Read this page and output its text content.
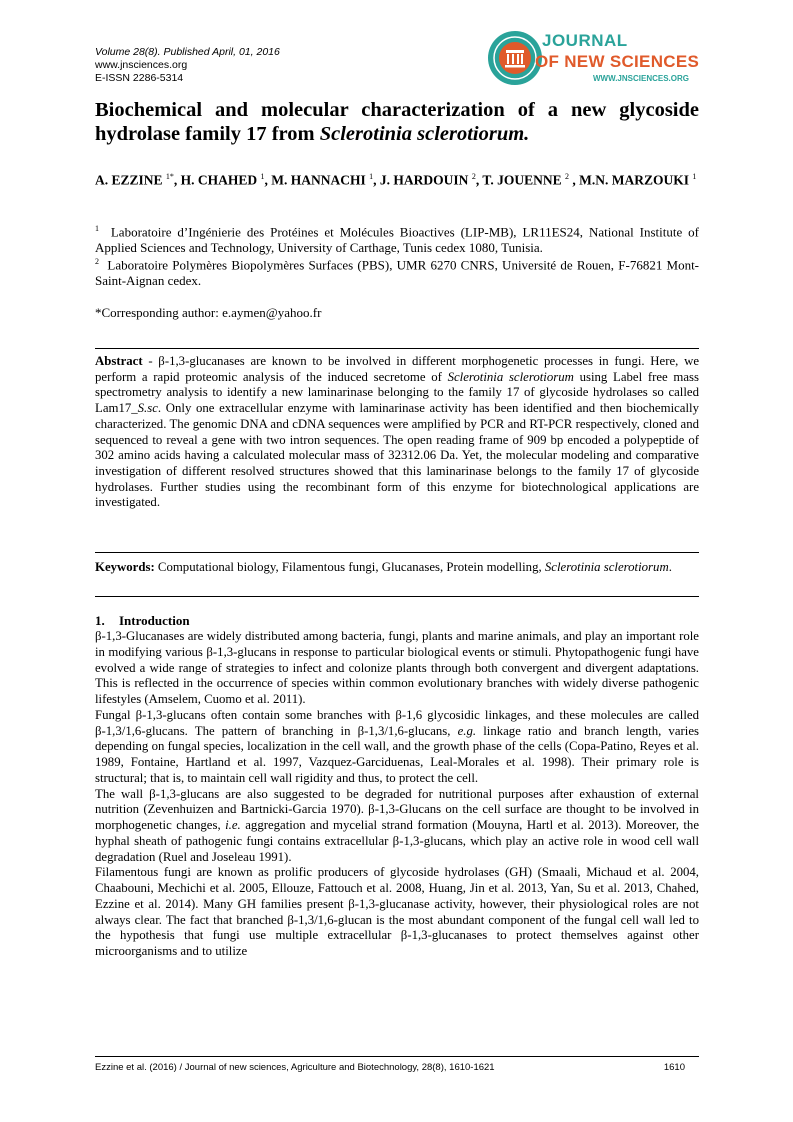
Volume 28(8). Published April, 01, 2016
www.jnsciences.org
E-ISSN 2286-5314
JOURNAL
OF NEW SCIENCES
WWW.JNSCIENCES.ORG
Biochemical and molecular characterization of a new glycoside hydrolase family 17 from Sclerotinia sclerotiorum.
A. EZZINE $^{1*}$, H. CHAHED $^1$, M. HANNACHI $^1$, J. HARDOUIN $^2$, T. JOUENNE $^2$ , M.N. MARZOUKI $^1$
$^1$ Laboratoire d’Ingénierie des Protéines et Molécules Bioactives (LIP-MB), LR11ES24, National Institute of Applied Sciences and Technology, University of Carthage, Tunis cedex 1080, Tunisia.
$^2$ Laboratoire Polymères Biopolymères Surfaces (PBS), UMR 6270 CNRS, Université de Rouen, F-76821 Mont-Saint-Aignan cedex.
*Corresponding author: e.aymen@yahoo.fr
Abstract - β-1,3-glucanases are known to be involved in different morphogenetic processes in fungi. Here, we perform a rapid proteomic analysis of the induced secretome of Sclerotinia sclerotiorum using Label free mass spectrometry analysis to identify a new laminarinase belonging to the family 17 of glycoside hydrolases so called Lam17_S.sc. Only one extracellular enzyme with laminarinase activity has been identified and then biochemically characterized. The genomic DNA and cDNA sequences were amplified by PCR and RT-PCR respectively, cloned and sequenced to reveal a gene with two intron sequences. The open reading frame of 909 bp encoded a polypeptide of 302 amino acids having a calculated molecular mass of 32312.06 Da. Yet, the molecular modeling and comparative investigation of different resolved structures showed that this laminarinase belongs to the family 17 of glycoside hydrolases. Further studies using the recombinant form of this enzyme for biotechnological applications are investigated.
Keywords: Computational biology, Filamentous fungi, Glucanases, Protein modelling, Sclerotinia sclerotiorum.
1. Introduction

β-1,3-Glucanases are widely distributed among bacteria, fungi, plants and marine animals, and play an important role in modifying various β-1,3-glucans in response to particular biological events or stimuli. Phytopathogenic fungi have evolved a wide range of strategies to infect and colonize plants through both convergent and divergent adaptations. This is reflected in the occurrence of species within common evolutionary branches with widely diverse pathogenic lifestyles (Amselem, Cuomo et al. 2011).

Fungal β-1,3-glucans often contain some branches with β-1,6 glycosidic linkages, and these molecules are called β-1,3/1,6-glucans. The pattern of branching in β-1,3/1,6-glucans, e.g. linkage ratio and branch length, varies depending on fungal species, localization in the cell wall, and the growth phase of the cells (Copa-Patino, Reyes et al. 1989, Fontaine, Hartland et al. 1997, Vazquez-Garciduenas, Leal-Morales et al. 1998). Their primary role is structural; that is, to maintain cell wall rigidity and thus, to protect the cell.

The wall β-1,3-glucans are also suggested to be degraded for nutritional purposes after exhaustion of external nutrition (Zevenhuizen and Bartnicki-Garcia 1970). β-1,3-Glucans on the cell surface are thought to be involved in morphogenetic changes, i.e. aggregation and mycelial strand formation (Mouyna, Hartl et al. 2013). Moreover, the hyphal sheath of pathogenic fungi contains extracellular β-1,3-glucans, which play an active role in wood cell wall degradation (Ruel and Joseleau 1991).

Filamentous fungi are known as prolific producers of glycoside hydrolases (GH) (Smaali, Michaud et al. 2004, Chaabouni, Mechichi et al. 2005, Ellouze, Fattouch et al. 2008, Huang, Jin et al. 2013, Yan, Su et al. 2013, Chahed, Ezzine et al. 2014). Many GH families present β-1,3-glucanase activity, however, their physiological roles are not always clear. The fact that branched β-1,3/1,6-glucan is the most abundant component of the fungal cell wall led to the hypothesis that fungi use multiple extracellular β-1,3-glucanases to protect themselves against other microorganisms and to utilize

Ezzine et al. (2016) / Journal of new sciences, Agriculture and Biotechnology, 28(8), 1610-1621	1610
